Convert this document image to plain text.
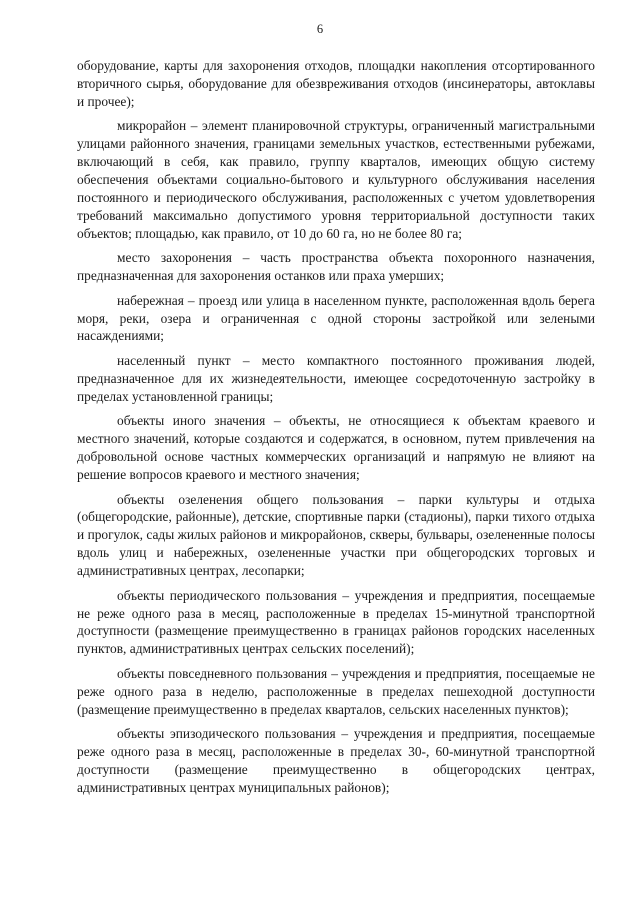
6

оборудование, карты для захоронения отходов, площадки накопления отсортированного вторичного сырья, оборудование для обезвреживания отходов (инсинераторы, автоклавы и прочее);

микрорайон – элемент планировочной структуры, ограниченный магистральными улицами районного значения, границами земельных участков, естественными рубежами, включающий в себя, как правило, группу кварталов, имеющих общую систему обеспечения объектами социально-бытового и культурного обслуживания населения постоянного и периодического обслуживания, расположенных с учетом удовлетворения требований максимально допустимого уровня территориальной доступности таких объектов; площадью, как правило, от 10 до 60 га, но не более 80 га;

место захоронения – часть пространства объекта похоронного назначения, предназначенная для захоронения останков или праха умерших;

набережная – проезд или улица в населенном пункте, расположенная вдоль берега моря, реки, озера и ограниченная с одной стороны застройкой или зелеными насаждениями;

населенный пункт – место компактного постоянного проживания людей, предназначенное для их жизнедеятельности, имеющее сосредоточенную застройку в пределах установленной границы;

объекты иного значения – объекты, не относящиеся к объектам краевого и местного значений, которые создаются и содержатся, в основном, путем привлечения на добровольной основе частных коммерческих организаций и напрямую не влияют на решение вопросов краевого и местного значения;

объекты озеленения общего пользования – парки культуры и отдыха (общегородские, районные), детские, спортивные парки (стадионы), парки тихого отдыха и прогулок, сады жилых районов и микрорайонов, скверы, бульвары, озелененные полосы вдоль улиц и набережных, озелененные участки при общегородских торговых и административных центрах, лесопарки;

объекты периодического пользования – учреждения и предприятия, посещаемые не реже одного раза в месяц, расположенные в пределах 15-минутной транспортной доступности (размещение преимущественно в границах районов городских населенных пунктов, административных центрах сельских поселений);

объекты повседневного пользования – учреждения и предприятия, посещаемые не реже одного раза в неделю, расположенные в пределах пешеходной доступности (размещение преимущественно в пределах кварталов, сельских населенных пунктов);

объекты эпизодического пользования – учреждения и предприятия, посещаемые реже одного раза в месяц, расположенные в пределах 30-, 60-минутной транспортной доступности (размещение преимущественно в общегородских центрах, административных центрах муниципальных районов);
